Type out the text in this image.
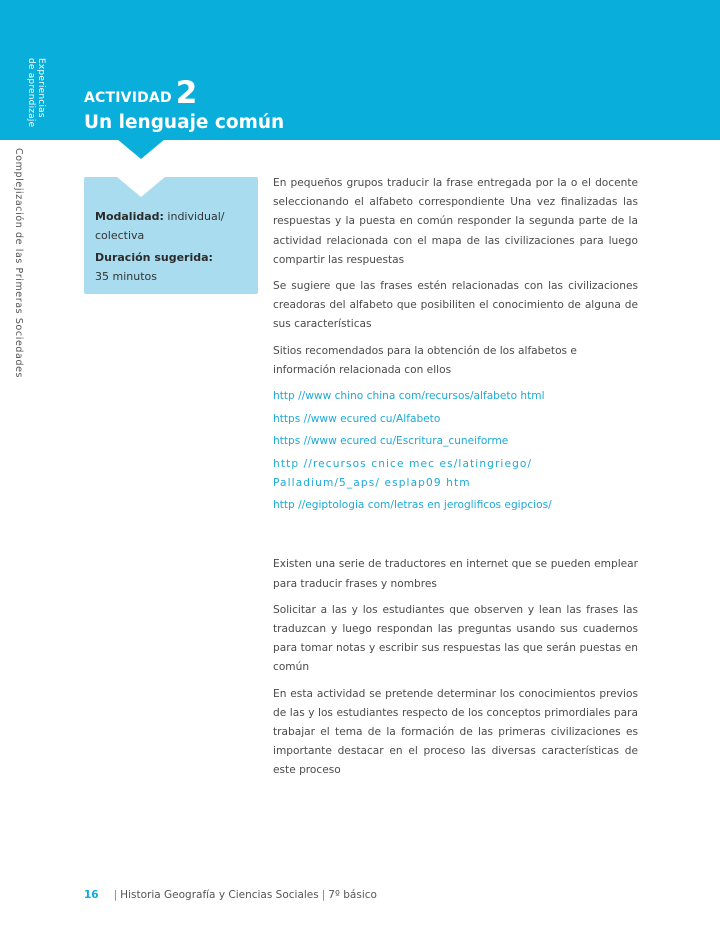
Experiencias
de aprendizaje
Complejización de las Primeras Sociedades
ACTIVIDAD 2
Un lenguaje común

Modalidad: individual/ colectiva

Duración sugerida:
35 minutos

En pequeños grupos traducir la frase entregada por la o el docente seleccionando el alfabeto correspondiente Una vez finalizadas las respuestas y la puesta en común responder la segunda parte de la actividad relacionada con el mapa de las civilizaciones para luego compartir las respuestas

Se sugiere que las frases estén relacionadas con las civilizaciones creadoras del alfabeto que posibiliten el conocimiento de alguna de sus características

Sitios recomendados para la obtención de los alfabetos e información relacionada con ellos

http //www chino china com/recursos/alfabeto html
https //www ecured cu/Alfabeto
https //www ecured cu/Escritura_cuneiforme
http //recursos cnice mec es/latingriego/ Palladium/5_aps/ esplap09 htm
http //egiptologia com/letras en jeroglificos egipcios/

Existen una serie de traductores en internet que se pueden emplear para traducir frases y nombres

Solicitar a las y los estudiantes que observen y lean las frases las traduzcan y luego respondan las preguntas usando sus cuadernos para tomar notas y escribir sus respuestas las que serán puestas en común

En esta actividad se pretende determinar los conocimientos previos de las y los estudiantes respecto de los conceptos primordiales para trabajar el tema de la formación de las primeras civilizaciones es importante destacar en el proceso las diversas características de este proceso

16 | Historia Geografía y Ciencias Sociales | 7º básico
